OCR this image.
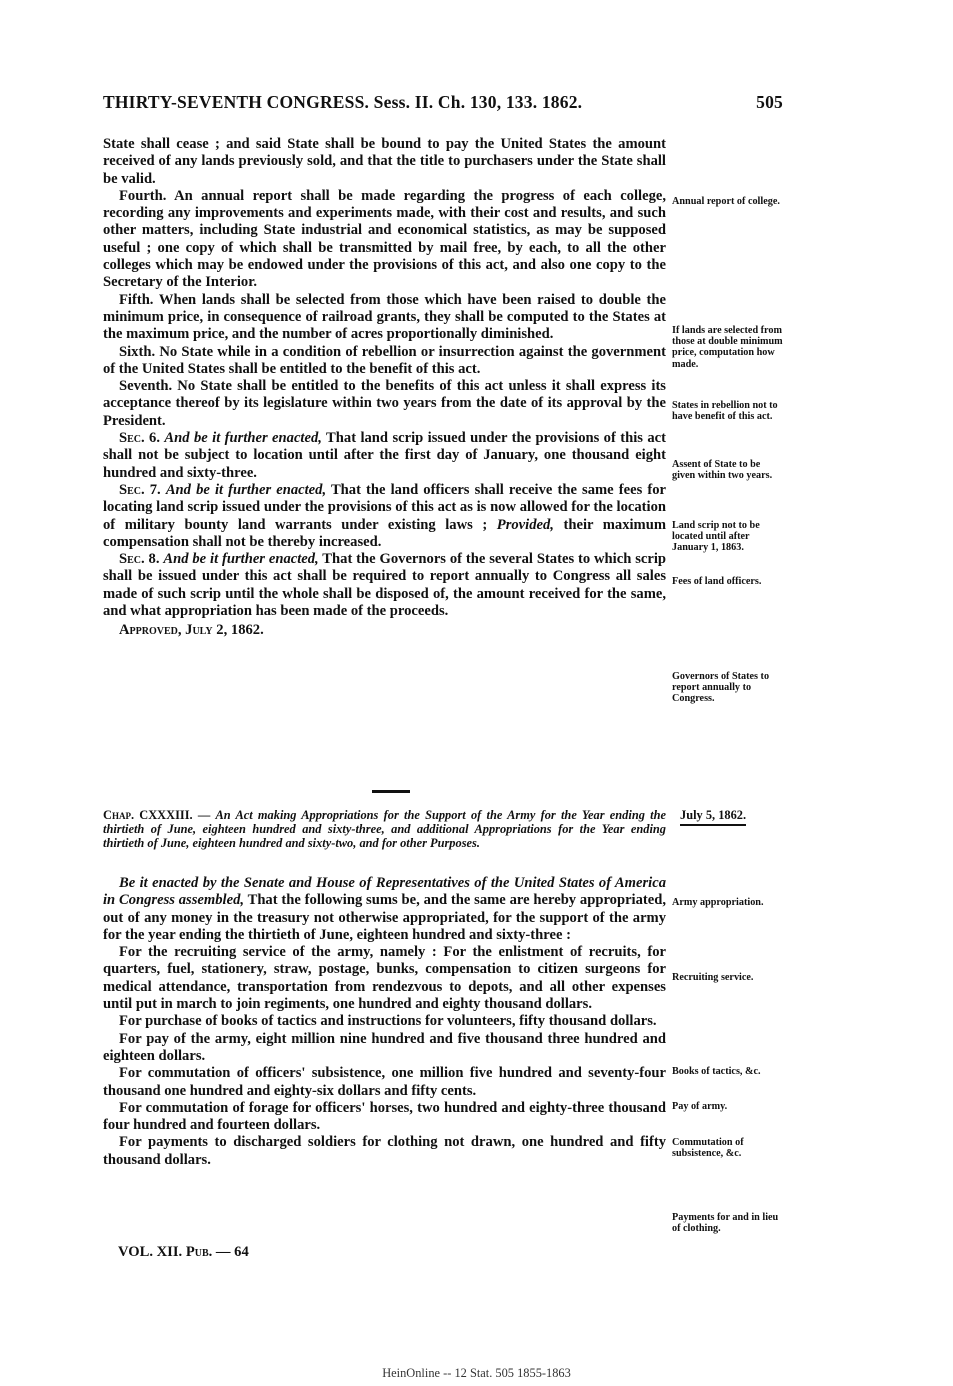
THIRTY-SEVENTH CONGRESS. Sess. II. Ch. 130, 133. 1862.	505

State shall cease ; and said State shall be bound to pay the United States the amount received of any lands previously sold, and that the title to purchasers under the State shall be valid.

Fourth. An annual report shall be made regarding the progress of each college, recording any improvements and experiments made, with their cost and results, and such other matters, including State industrial and economical statistics, as may be supposed useful ; one copy of which shall be transmitted by mail free, by each, to all the other colleges which may be endowed under the provisions of this act, and also one copy to the Secretary of the Interior.

Fifth. When lands shall be selected from those which have been raised to double the minimum price, in consequence of railroad grants, they shall be computed to the States at the maximum price, and the number of acres proportionally diminished.

Sixth. No State while in a condition of rebellion or insurrection against the government of the United States shall be entitled to the benefit of this act.

Seventh. No State shall be entitled to the benefits of this act unless it shall express its acceptance thereof by its legislature within two years from the date of its approval by the President.

Sec. 6. And be it further enacted, That land scrip issued under the provisions of this act shall not be subject to location until after the first day of January, one thousand eight hundred and sixty-three.

Sec. 7. And be it further enacted, That the land officers shall receive the same fees for locating land scrip issued under the provisions of this act as is now allowed for the location of military bounty land warrants under existing laws ; Provided, their maximum compensation shall not be thereby increased.

Sec. 8. And be it further enacted, That the Governors of the several States to which scrip shall be issued under this act shall be required to report annually to Congress all sales made of such scrip until the whole shall be disposed of, the amount received for the same, and what appropriation has been made of the proceeds.

Approved, July 2, 1862.

Annual report of college.
If lands are selected from those at double minimum price, computation how made.
States in rebellion not to have benefit of this act.
Assent of State to be given within two years.
Land scrip not to be located until after January 1, 1863.
Fees of land officers.
Governors of States to report annually to Congress.
Chap. CXXXIII. — An Act making Appropriations for the Support of the Army for the Year ending the thirtieth of June, eighteen hundred and sixty-three, and additional Appropriations for the Year ending thirtieth of June, eighteen hundred and sixty-two, and for other Purposes.
July 5, 1862.

Be it enacted by the Senate and House of Representatives of the United States of America in Congress assembled, That the following sums be, and the same are hereby appropriated, out of any money in the treasury not otherwise appropriated, for the support of the army for the year ending the thirtieth of June, eighteen hundred and sixty-three :

For the recruiting service of the army, namely : For the enlistment of recruits, for quarters, fuel, stationery, straw, postage, bunks, compensation to citizen surgeons for medical attendance, transportation from rendezvous to depots, and all other expenses until put in march to join regiments, one hundred and eighty thousand dollars.

For purchase of books of tactics and instructions for volunteers, fifty thousand dollars.

For pay of the army, eight million nine hundred and five thousand three hundred and eighteen dollars.

For commutation of officers' subsistence, one million five hundred and seventy-four thousand one hundred and eighty-six dollars and fifty cents.

For commutation of forage for officers' horses, two hundred and eighty-three thousand four hundred and fourteen dollars.

For payments to discharged soldiers for clothing not drawn, one hundred and fifty thousand dollars.

Army appropriation.
Recruiting service.
Books of tactics, &c.
Pay of army.
Commutation of subsistence, &c.
Payments for and in lieu of clothing.
VOL. XII. Pub. — 64
HeinOnline -- 12 Stat. 505 1855-1863
